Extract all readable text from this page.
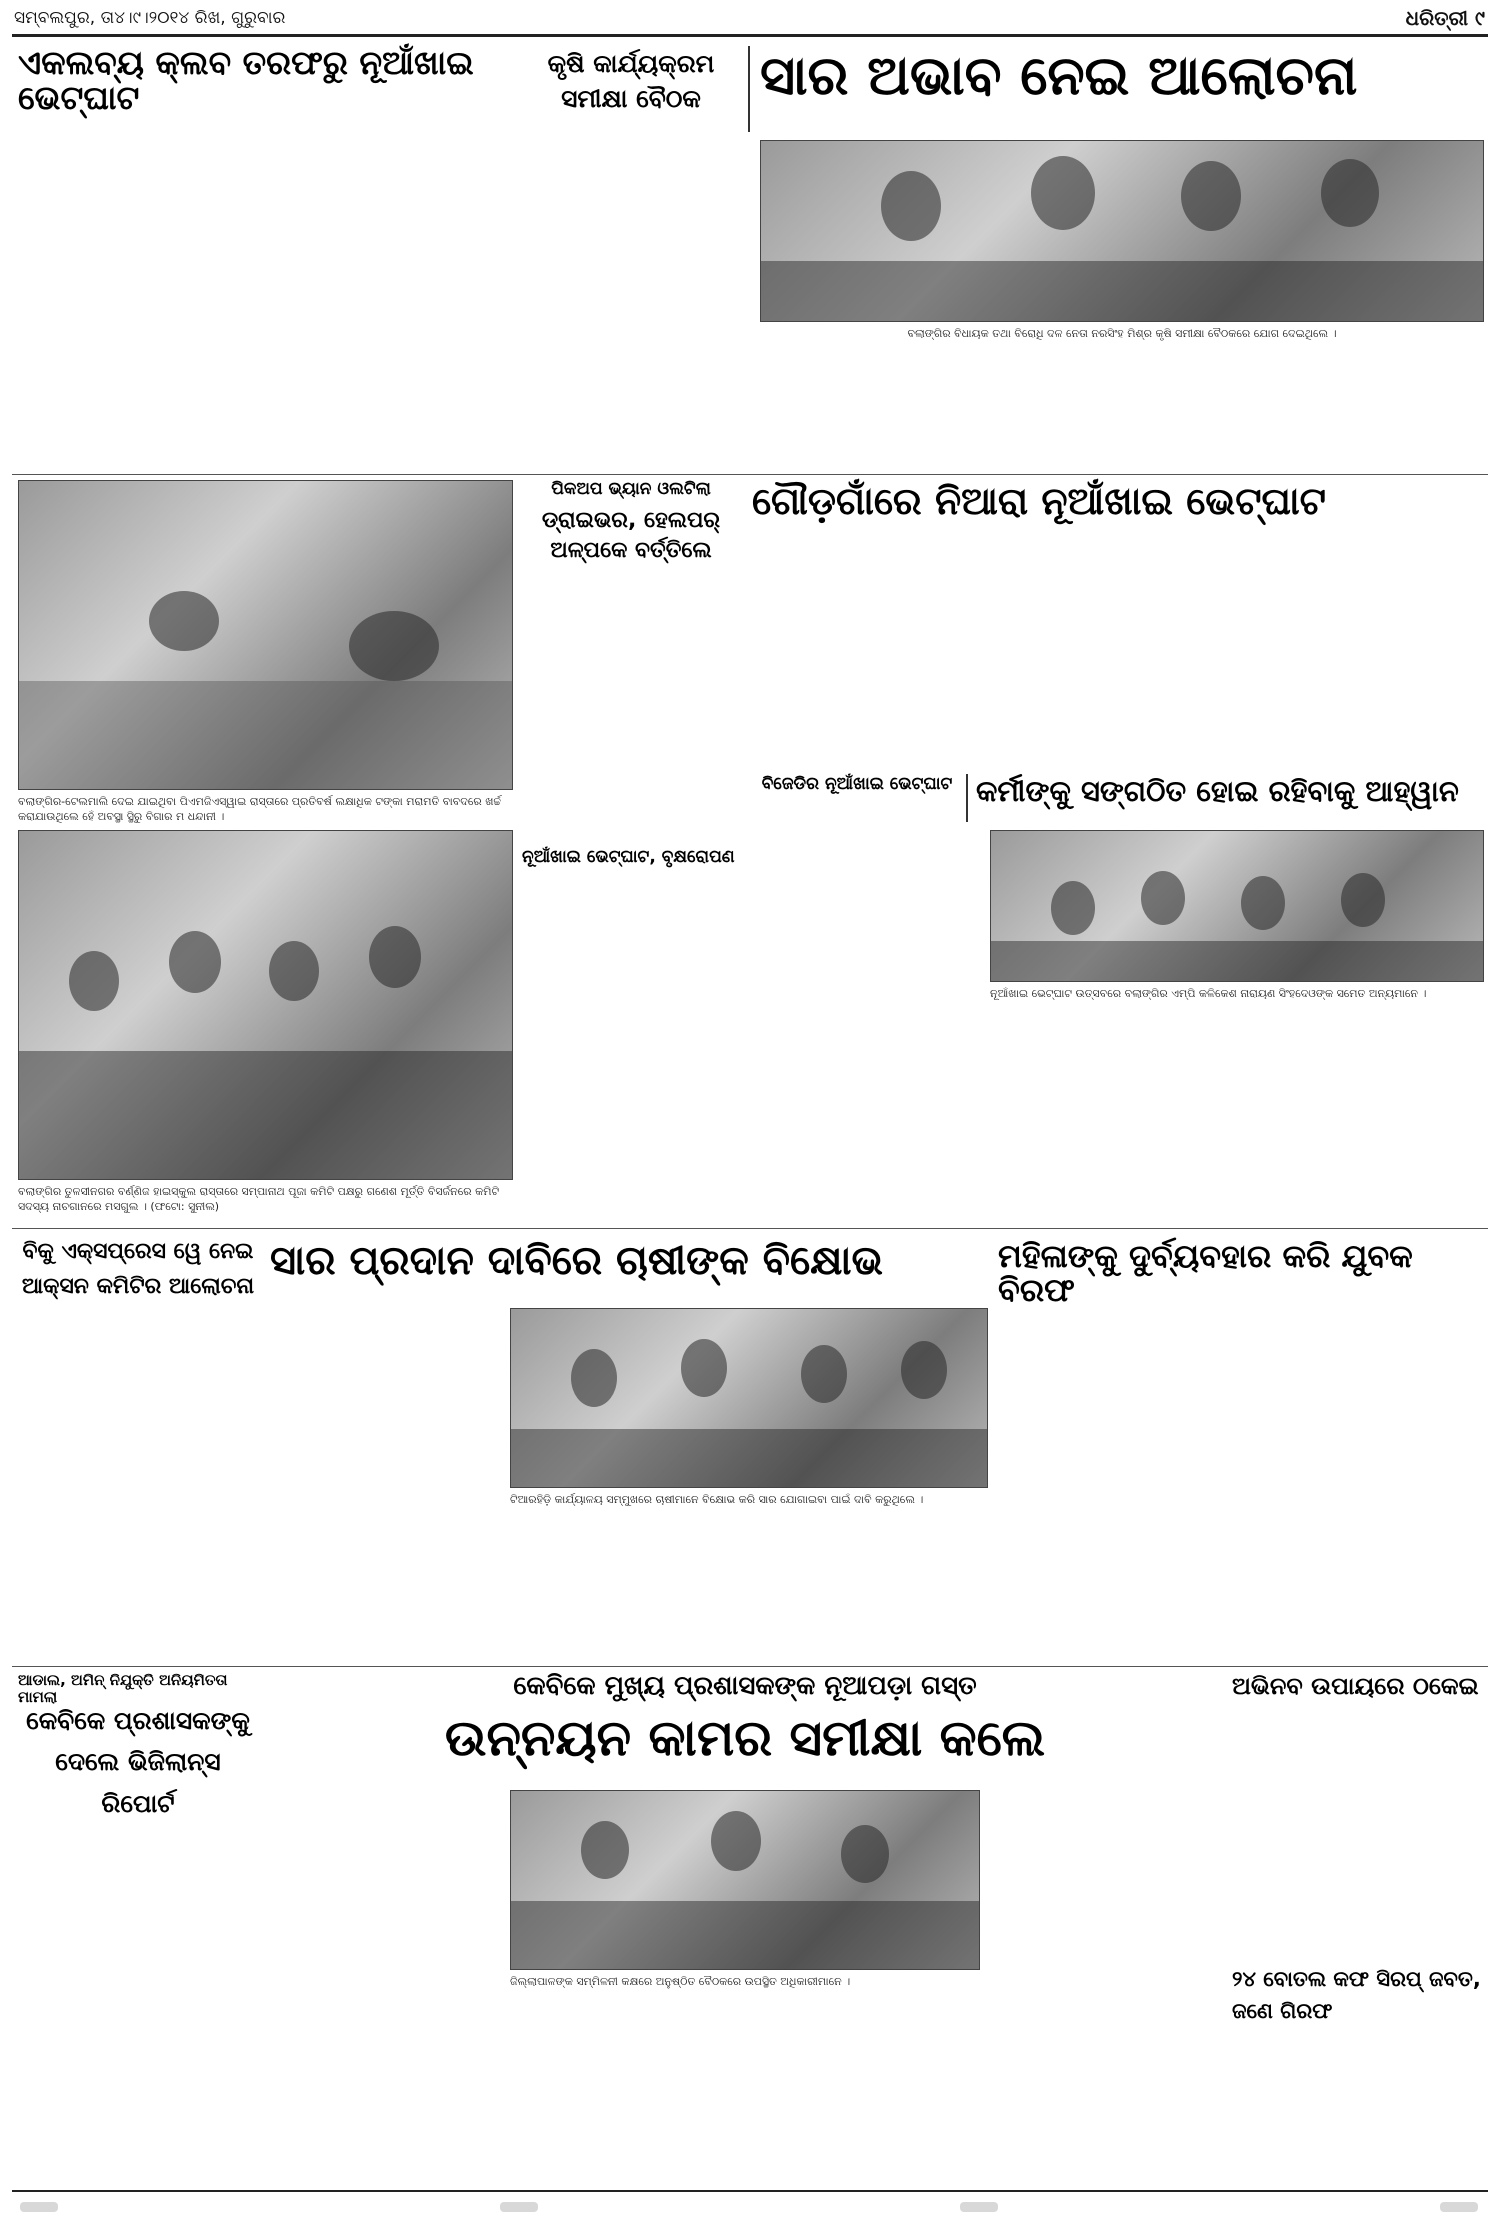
ସମ୍ବଲପୁର, ତା୪।୯।୨୦୧୪ ରିଖ, ଗୁରୁବାର	ଧରିତ୍ରୀ ୯
ଏକଲବ୍ୟ କ୍ଲବ ତରଫରୁ ନୂଆଁଖାଇ ଭେଟ୍‌ଘାଟ
କୃଷି କାର୍ଯ୍ୟକ୍ରମ ସମୀକ୍ଷା ବୈଠକ	ସାର ଅଭାବ ନେଇ ଆଲୋଚନା
ବଲାଙ୍ଗିର ବିଧାୟକ ତଥା ବିରୋଧି ଦଳ ନେତା ନରସିଂହ ମିଶ୍ର କୃଷି ସମୀକ୍ଷା ବୈଠକରେ ଯୋଗ ଦେଇଥିଲେ ।
ବଲାଙ୍ଗିର-ଟେଲମାଲି ଦେଇ ଯାଇଥିବା ପିଏମଜିଏସ୍‌ୱାଇ ରାସ୍ତାରେ ପ୍ରତିବର୍ଷ ଲକ୍ଷାଧିକ ଟଙ୍କା ମରାମତି ବାବଦରେ ଖର୍ଚ୍ଚ କରାଯାଉଥିଲେ ହେଁ ଅବସ୍ଥା ସ୍ଥିରୁ ବିଗାର ମ ଧନ୍ଦାନୀ ।
ପିକଅପ ଭ୍ୟାନ ଓଲଟିଲା
ଡ୍ରାଇଭର, ହେଲପର୍ ଅଳ୍ପକେ ବର୍ତ୍ତିଲେ
ଗୌଡ଼ଗାଁରେ ନିଆରା ନୂଆଁଖାଇ ଭେଟ୍‌ଘାଟ
ବିଜେଡିର ନୂଆଁଖାଇ ଭେଟ୍‌ଘାଟ କର୍ମୀଙ୍କୁ ସଙ୍ଗଠିତ ହୋଇ ରହିବାକୁ ଆହ୍ୱାନ
ନୂଆଁଖାଇ ଭେଟ୍‌ଘାଟ ଉତ୍ସବରେ ବଲାଙ୍ଗିର ଏମ୍‌ପି କଳିକେଶ ନାରାୟଣ ସିଂହଦେଓଙ୍କ ସମେତ ଅନ୍ୟମାନେ ।
ବଲାଙ୍ଗିର ତୁଳସୀନଗର ବର୍ଣ୍ଣିଜ ହାଇସ୍କୁଲ ରାସ୍ତାରେ ସମ୍ପାନାଥ ପୂଜା କମିଟି ପକ୍ଷରୁ ଗଣେଶ ମୂର୍ତ୍ତି ବିସର୍ଜନରେ କମିଟି ସଦସ୍ୟ ନାଚଗାନରେ ମସଗୁଲ । (ଫଟୋ: ସୁନୀଲ)
ନୂଆଁଖାଇ ଭେଟ୍‌ଘାଟ, ବୃକ୍ଷରୋପଣ
ବିକୁ ଏକ୍ସପ୍ରେସ ୱେ ନେଇ ଆକ୍ସନ କମିଟିର ଆଲୋଚନା
ସାର ପ୍ରଦାନ ଦାବିରେ ଚାଷୀଙ୍କ ବିକ୍ଷୋଭ
ଟିଆରହିଡ଼ି କାର୍ଯ୍ୟାଳୟ ସମ୍ମୁଖରେ ଚାଷୀମାନେ ବିକ୍ଷୋଭ କରି ସାର ଯୋଗାଇବା ପାଇଁ ଦାବି କରୁଥିଲେ ।
ମହିଳାଙ୍କୁ ଦୁର୍ବ୍ୟବହାର କରି ଯୁବକ ବିରଫ
ଆଡାଲ, ଅମିନ୍ ନିଯୁକ୍ତି ଅନିୟମିତତା ମାମଲା
କେବିକେ ପ୍ରଶାସକଙ୍କୁ ଦେଲେ ଭିଜିଲାନ୍ସ ରିପୋର୍ଟ
କେବିକେ ମୁଖ୍ୟ ପ୍ରଶାସକଙ୍କ ନୂଆପଡ଼ା ଗସ୍ତ
ଉନ୍ନୟନ କାମର ସମୀକ୍ଷା କଲେ
ଜିଲ୍ଲାପାଳଙ୍କ ସମ୍ମିଳନୀ କକ୍ଷରେ ଅନୁଷ୍ଠିତ ବୈଠକରେ ଉପସ୍ଥିତ ଅଧିକାରୀମାନେ ।
ଅଭିନବ ଉପାୟରେ ଠକେଇ
୨୪ ବୋତଲ କଫ ସିରପ୍ ଜବତ, ଜଣେ ଗିରଫ
